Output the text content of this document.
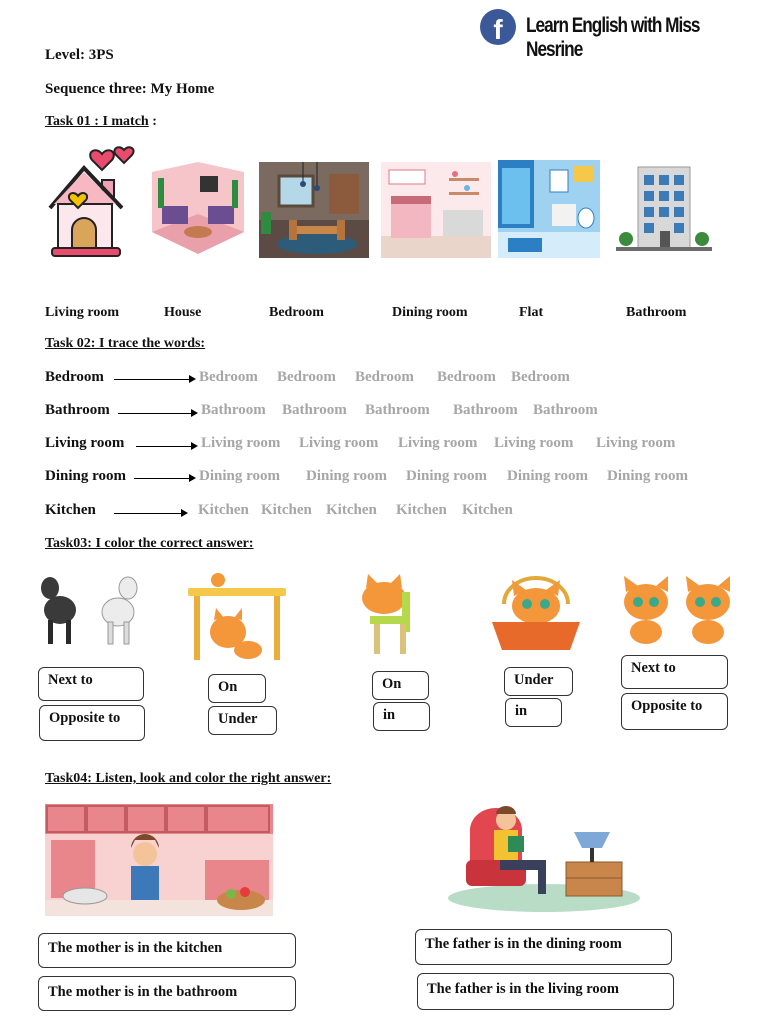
f	Learn English with Miss Nesrine
Level: 3PS
Sequence three: My Home
Task 01 : I match :
Living room	House	Bedroom	Dining room	Flat	Bathroom
Task 02: I trace the words:
Bedroom	Bedroom Bedroom Bedroom Bedroom Bedroom
Bathroom	Bathroom Bathroom Bathroom Bathroom Bathroom
Living room	Living room Living room Living room Living room Living room
Dining room	Dining room Dining room Dining room Dining room Dining room
Kitchen	Kitchen Kitchen Kitchen Kitchen Kitchen
Task03: I color the correct answer:
Next to
Opposite to
On
Under
On
in
Under
in
Next to
Opposite to
Task04: Listen, look and color the right answer:
The mother is in the kitchen
The mother is in the bathroom
The father is in the dining room
The father is in the living room
